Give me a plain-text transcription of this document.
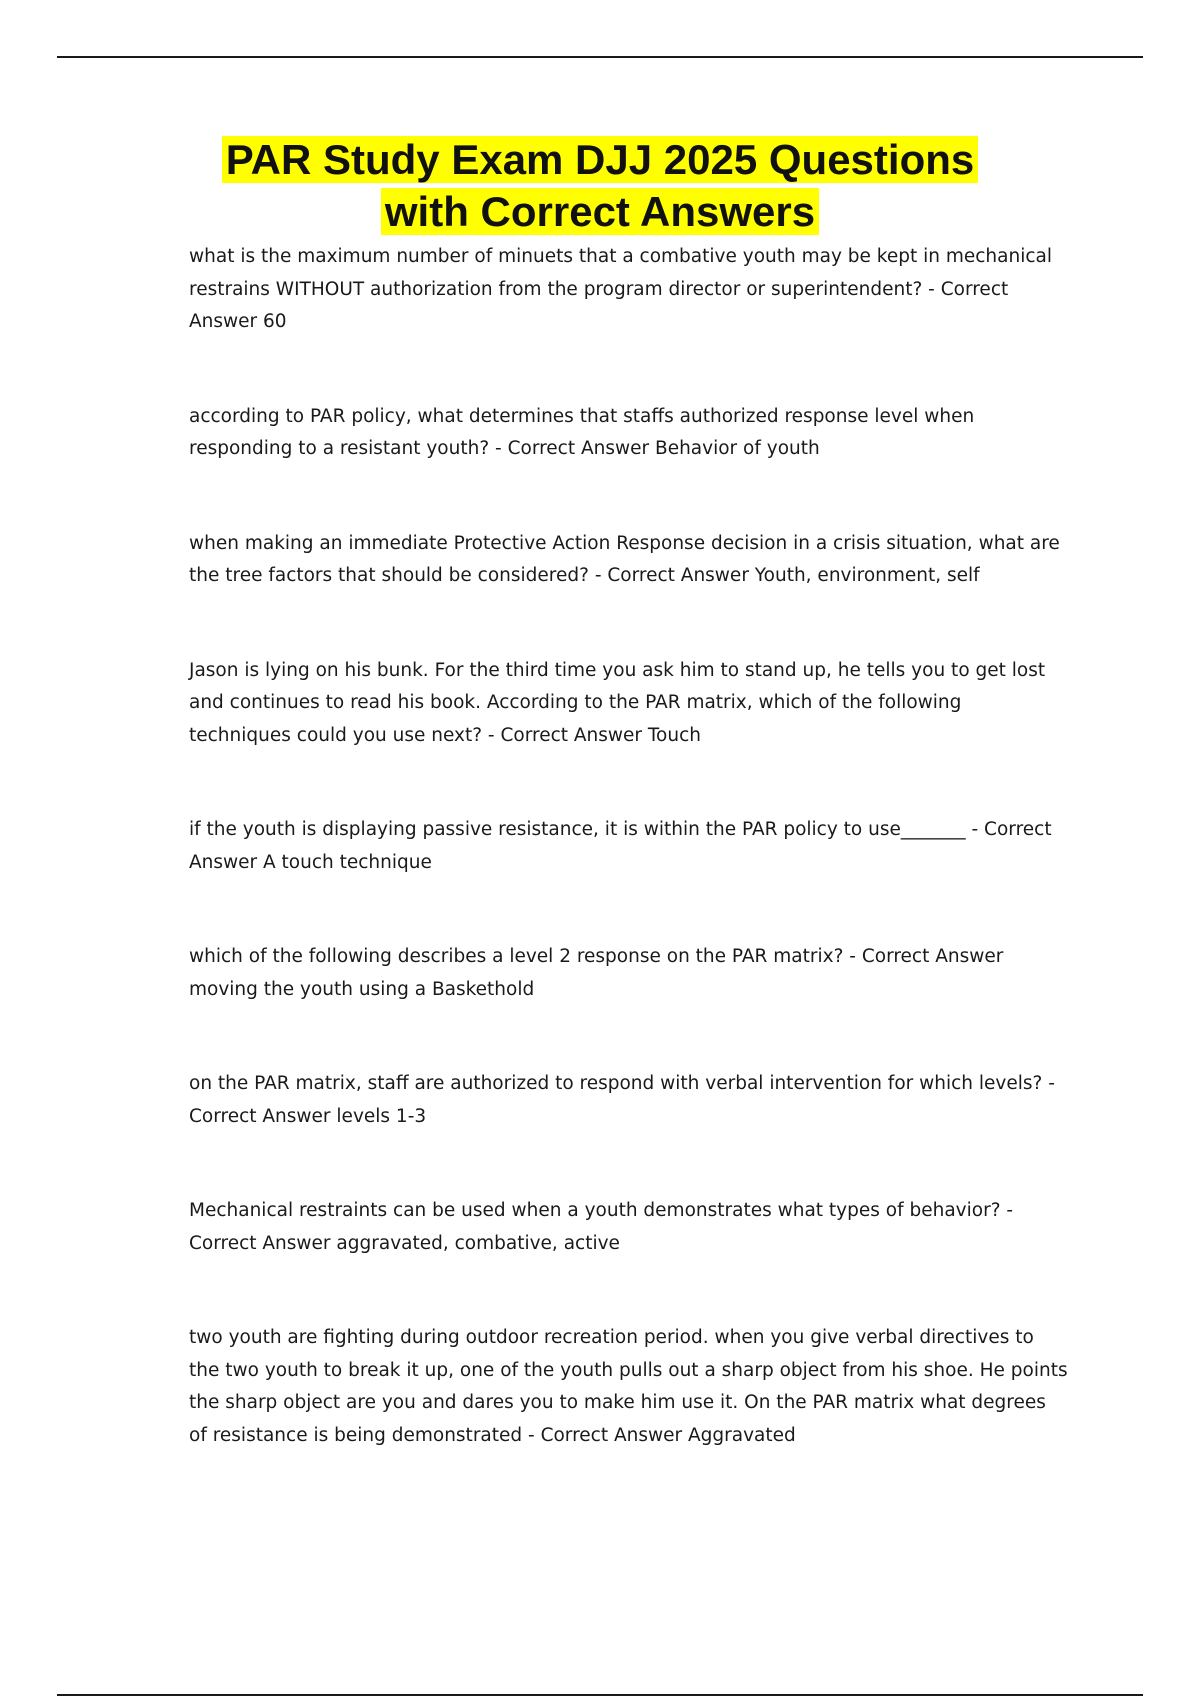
PAR Study Exam DJJ 2025 Questions
with Correct Answers
what is the maximum number of minuets that a combative youth may be kept in mechanical restrains WITHOUT authorization from the program director or superintendent? - Correct Answer 60
according to PAR policy, what determines that staffs authorized response level when responding to a resistant youth? - Correct Answer Behavior of youth
when making an immediate Protective Action Response decision in a crisis situation, what are the tree factors that should be considered? - Correct Answer Youth, environment, self
Jason is lying on his bunk. For the third time you ask him to stand up, he tells you to get lost and continues to read his book. According to the PAR matrix, which of the following techniques could you use next? - Correct Answer Touch
if the youth is displaying passive resistance, it is within the PAR policy to use_______ - Correct Answer A touch technique
which of the following describes a level 2 response on the PAR matrix? - Correct Answer moving the youth using a Baskethold
on the PAR matrix, staff are authorized to respond with verbal intervention for which levels? - Correct Answer levels 1-3
Mechanical restraints can be used when a youth demonstrates what types of behavior? - Correct Answer aggravated, combative, active
two youth are fighting during outdoor recreation period. when you give verbal directives to the two youth to break it up, one of the youth pulls out a sharp object from his shoe. He points the sharp object are you and dares you to make him use it. On the PAR matrix what degrees of resistance is being demonstrated - Correct Answer Aggravated
